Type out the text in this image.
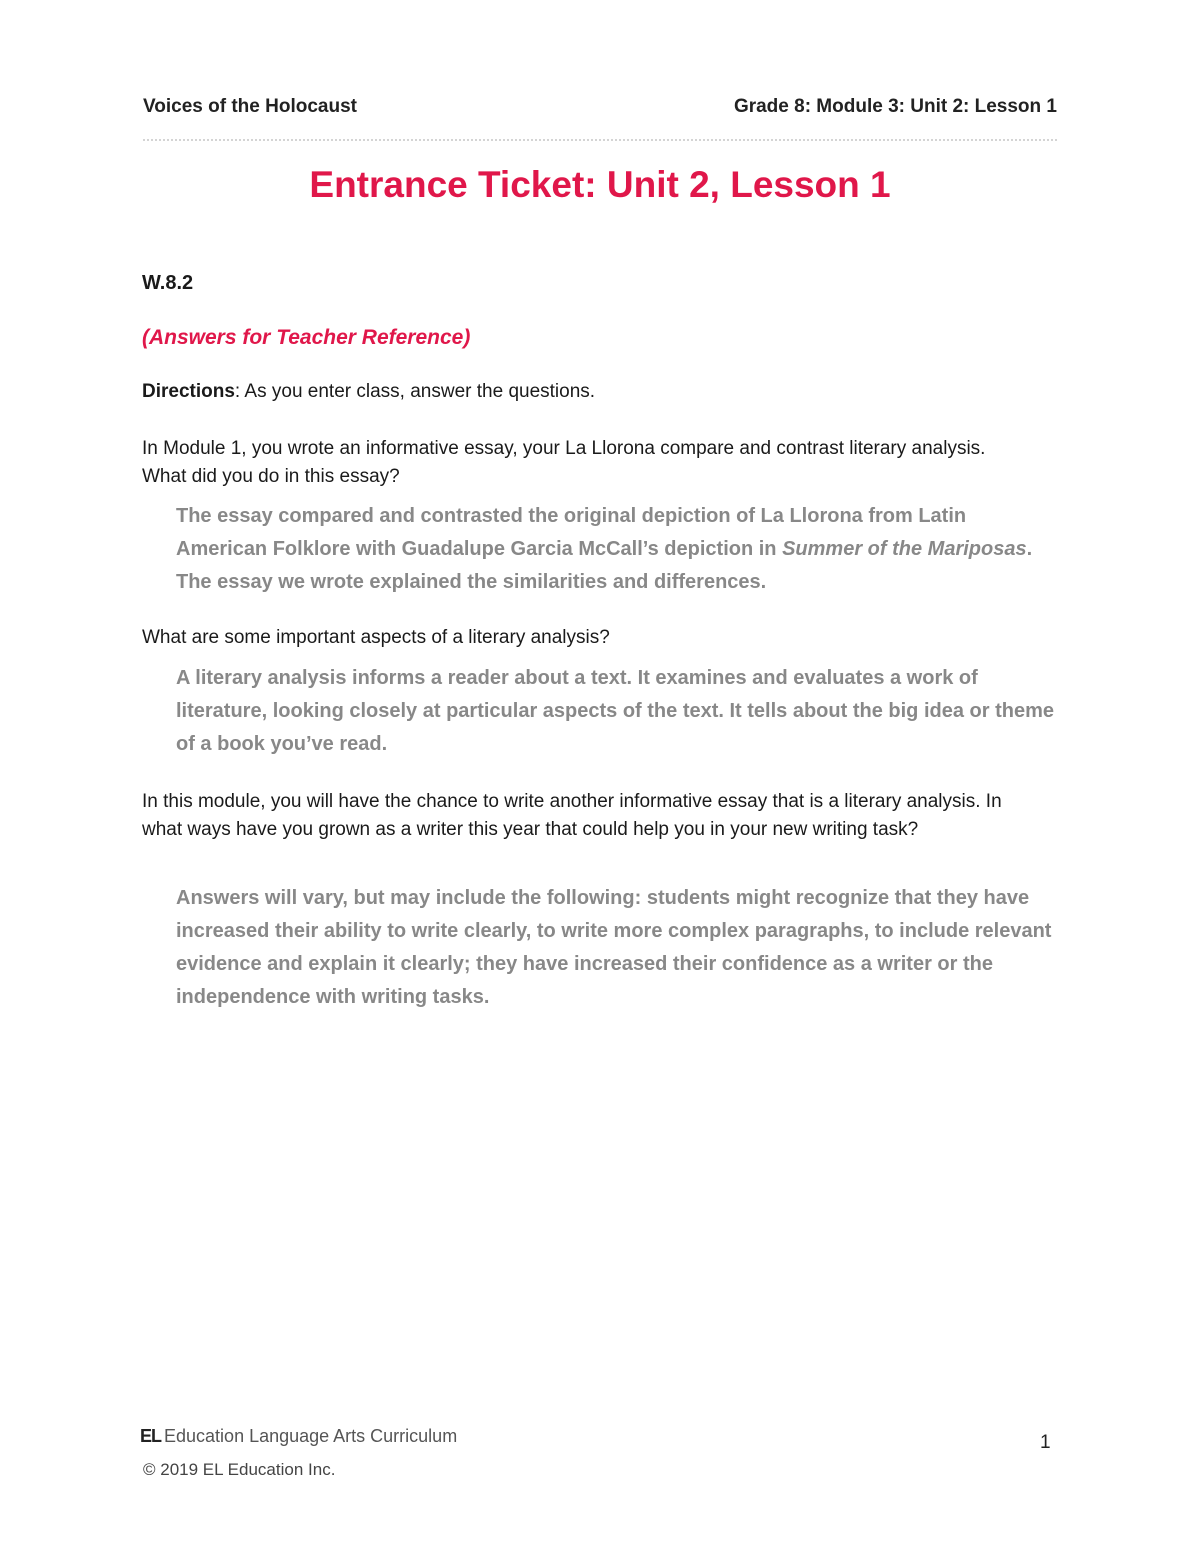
Voices of the Holocaust	Grade 8: Module 3: Unit 2: Lesson 1
Entrance Ticket: Unit 2, Lesson 1
W.8.2
(Answers for Teacher Reference)
Directions: As you enter class, answer the questions.
In Module 1, you wrote an informative essay, your La Llorona compare and contrast literary analysis. What did you do in this essay?
The essay compared and contrasted the original depiction of La Llorona from Latin American Folklore with Guadalupe Garcia McCall’s depiction in Summer of the Mariposas. The essay we wrote explained the similarities and differences.
What are some important aspects of a literary analysis?
A literary analysis informs a reader about a text. It examines and evaluates a work of literature, looking closely at particular aspects of the text. It tells about the big idea or theme of a book you’ve read.
In this module, you will have the chance to write another informative essay that is a literary analysis. In what ways have you grown as a writer this year that could help you in your new writing task?
Answers will vary, but may include the following: students might recognize that they have increased their ability to write clearly, to write more complex paragraphs, to include relevant evidence and explain it clearly; they have increased their confidence as a writer or the independence with writing tasks.
EL Education Language Arts Curriculum
© 2019 EL Education Inc.
1
